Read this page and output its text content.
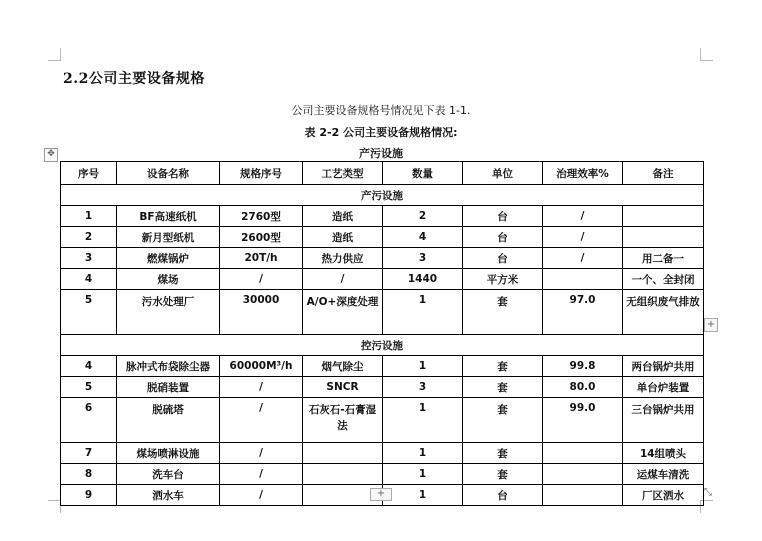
2.2公司主要设备规格
公司主要设备规格号情况见下表 1-1.
表 2-2 公司主要设备规格情况:
产污设施
✥
序号	设备名称	规格序号	工艺类型	数量	单位	治理效率%	备注
产污设施							
1	BF高速纸机	2760型	造纸	2	台	/	
2	新月型纸机	2600型	造纸	4	台	/	
3	燃煤锅炉	20T/h	热力供应	3	台	/	用二备一
4	煤场	/	/	1440	平方米		一个、全封闭
5	污水处理厂	30000	A/O+深度处理	1	套	97.0	无组织废气排放
控污设施							
4	脉冲式布袋除尘器	60000M³/h	烟气除尘	1	套	99.8	两台锅炉共用
5	脱硝装置	/	SNCR	3	套	80.0	单台炉装置
6	脱硫塔	/	石灰石-石膏湿法	1	套	99.0	三台锅炉共用
7	煤场喷淋设施	/		1	套		14组喷头
8	洗车台	/		1	套		运煤车清洗
9	洒水车	/		1	台		厂区洒水
+
+	⤡
